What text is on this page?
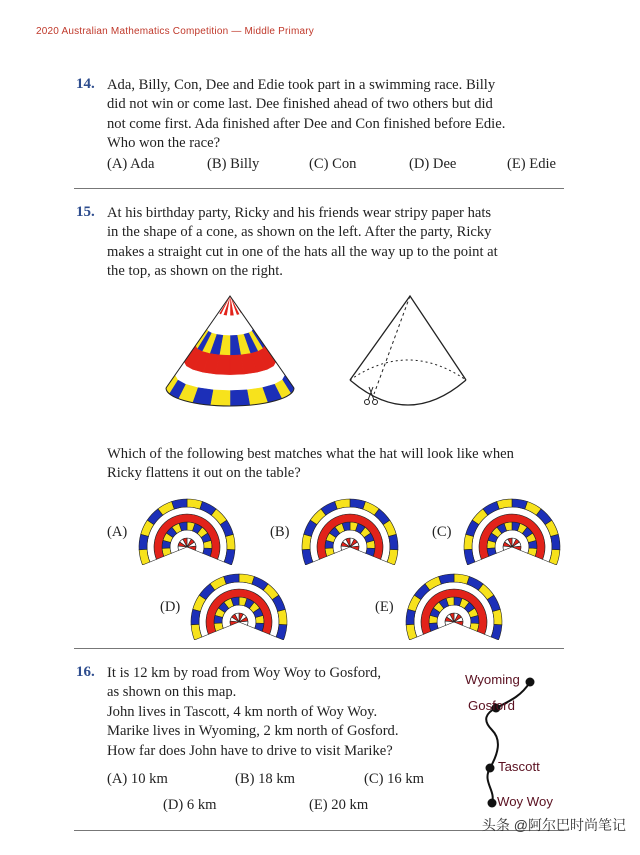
2020 Australian Mathematics Competition — Middle Primary
14. Ada, Billy, Con, Dee and Edie took part in a swimming race. Billy
did not win or come last. Dee finished ahead of two others but did
not come first. Ada finished after Dee and Con finished before Edie.
Who won the race?
(A) Ada	(B) Billy	(C) Con	(D) Dee	(E) Edie
15. At his birthday party, Ricky and his friends wear stripy paper hats
in the shape of a cone, as shown on the left. After the party, Ricky
makes a straight cut in one of the hats all the way up to the point at
the top, as shown on the right.
Which of the following best matches what the hat will look like when
Ricky flattens it out on the table?
(A)	(B)	(C)
(D)	(E)
16. It is 12 km by road from Woy Woy to Gosford,
as shown on this map.
John lives in Tascott, 4 km north of Woy Woy.
Marike lives in Wyoming, 2 km north of Gosford.
How far does John have to drive to visit Marike?
(A) 10 km	(B) 18 km	(C) 16 km
(D) 6 km	(E) 20 km
Wyoming
Gosford
Tascott
Woy Woy
头条 @阿尔巴时尚笔记
